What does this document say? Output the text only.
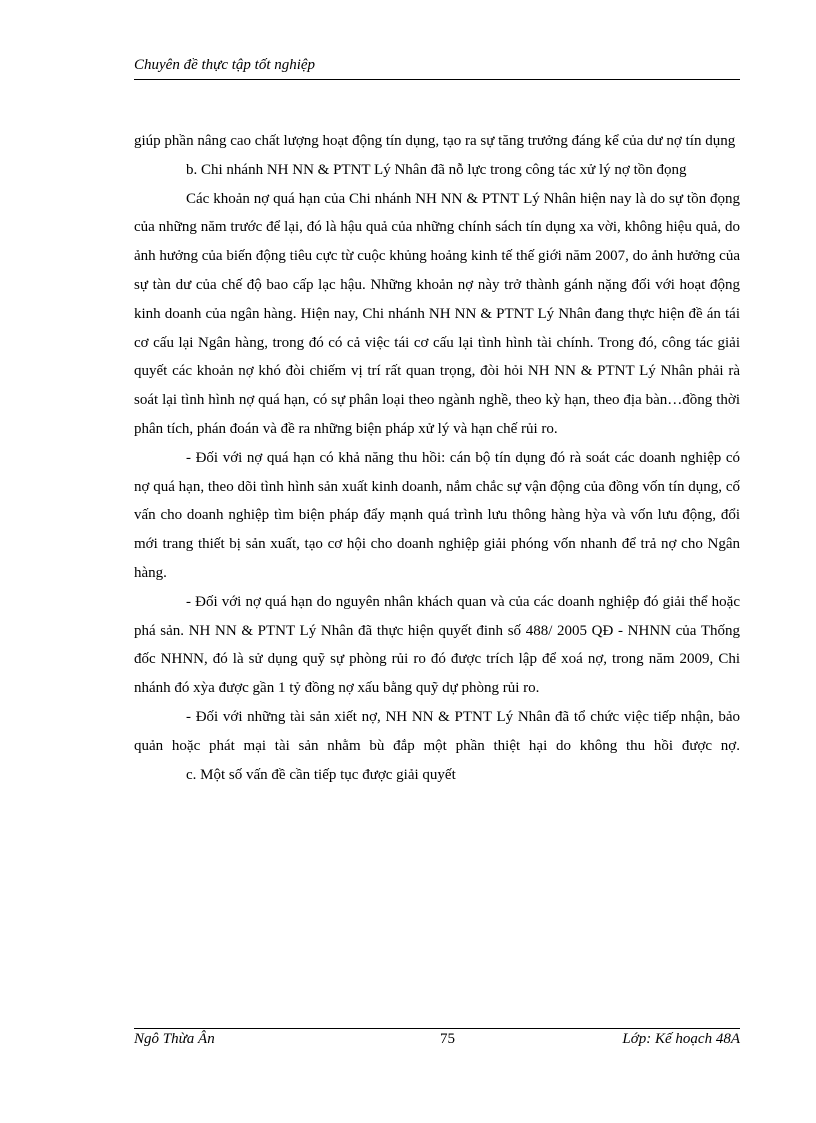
Chuyên đề thực tập tốt nghiệp

giúp phần nâng cao chất lượng hoạt động tín dụng, tạo ra sự tăng trưởng đáng kể của dư nợ tín dụng

b. Chi nhánh NH NN & PTNT Lý Nhân đã nỗ lực trong công tác xử lý nợ tồn đọng

Các khoản nợ quá hạn của Chi nhánh NH NN & PTNT Lý Nhân hiện nay là do sự tồn đọng của những năm trước để lại, đó là hậu quả của những chính sách tín dụng xa vời, không hiệu quả, do ảnh hưởng của biến động tiêu cực từ cuộc khủng hoảng kinh tế thế giới năm 2007, do ảnh hưởng của sự tàn dư của chế độ bao cấp lạc hậu. Những khoản nợ này trở thành gánh nặng đối với hoạt động kinh doanh của ngân hàng. Hiện nay, Chi nhánh NH NN & PTNT Lý Nhân đang thực hiện đề án tái cơ cấu lại Ngân hàng, trong đó có cả việc tái cơ cấu lại tình hình tài chính. Trong đó, công tác giải quyết các khoản nợ khó đòi chiếm vị trí rất quan trọng, đòi hỏi NH NN & PTNT Lý Nhân phải rà soát lại tình hình nợ quá hạn, có sự phân loại theo ngành nghề, theo kỳ hạn, theo địa bàn…đồng thời phân tích, phán đoán và đề ra những biện pháp xử lý và hạn chế rủi ro.

- Đối với nợ quá hạn có khả năng thu hồi: cán bộ tín dụng đó rà soát các doanh nghiệp có nợ quá hạn, theo dõi tình hình sản xuất kinh doanh, nắm chắc sự vận động của đồng vốn tín dụng, cố vấn cho doanh nghiệp tìm biện pháp đẩy mạnh quá trình lưu thông hàng hỳa và vốn lưu động, đổi mới trang thiết bị sản xuất, tạo cơ hội cho doanh nghiệp giải phóng vốn nhanh để trả nợ cho Ngân hàng.

- Đối với nợ quá hạn do nguyên nhân khách quan và của các doanh nghiệp đó giải thể hoặc phá sản. NH NN & PTNT Lý Nhân đã thực hiện quyết đinh số 488/ 2005 QĐ - NHNN của Thống đốc NHNN, đó là sử dụng quỹ sự phòng rủi ro đó được trích lập để xoá nợ, trong năm 2009, Chi nhánh đó xỳa được gần 1 tỷ đồng nợ xấu bằng quỹ dự phòng rủi ro.

- Đối với những tài sản xiết nợ, NH NN & PTNT Lý Nhân đã tổ chức việc tiếp nhận, bảo quản hoặc phát mại tài sản nhằm bù đắp một phần thiệt hại do không thu hồi được nợ.

c. Một số vấn đề cần tiếp tục được giải quyết

Ngô Thừa Ân	75	Lớp: Kế hoạch 48A
